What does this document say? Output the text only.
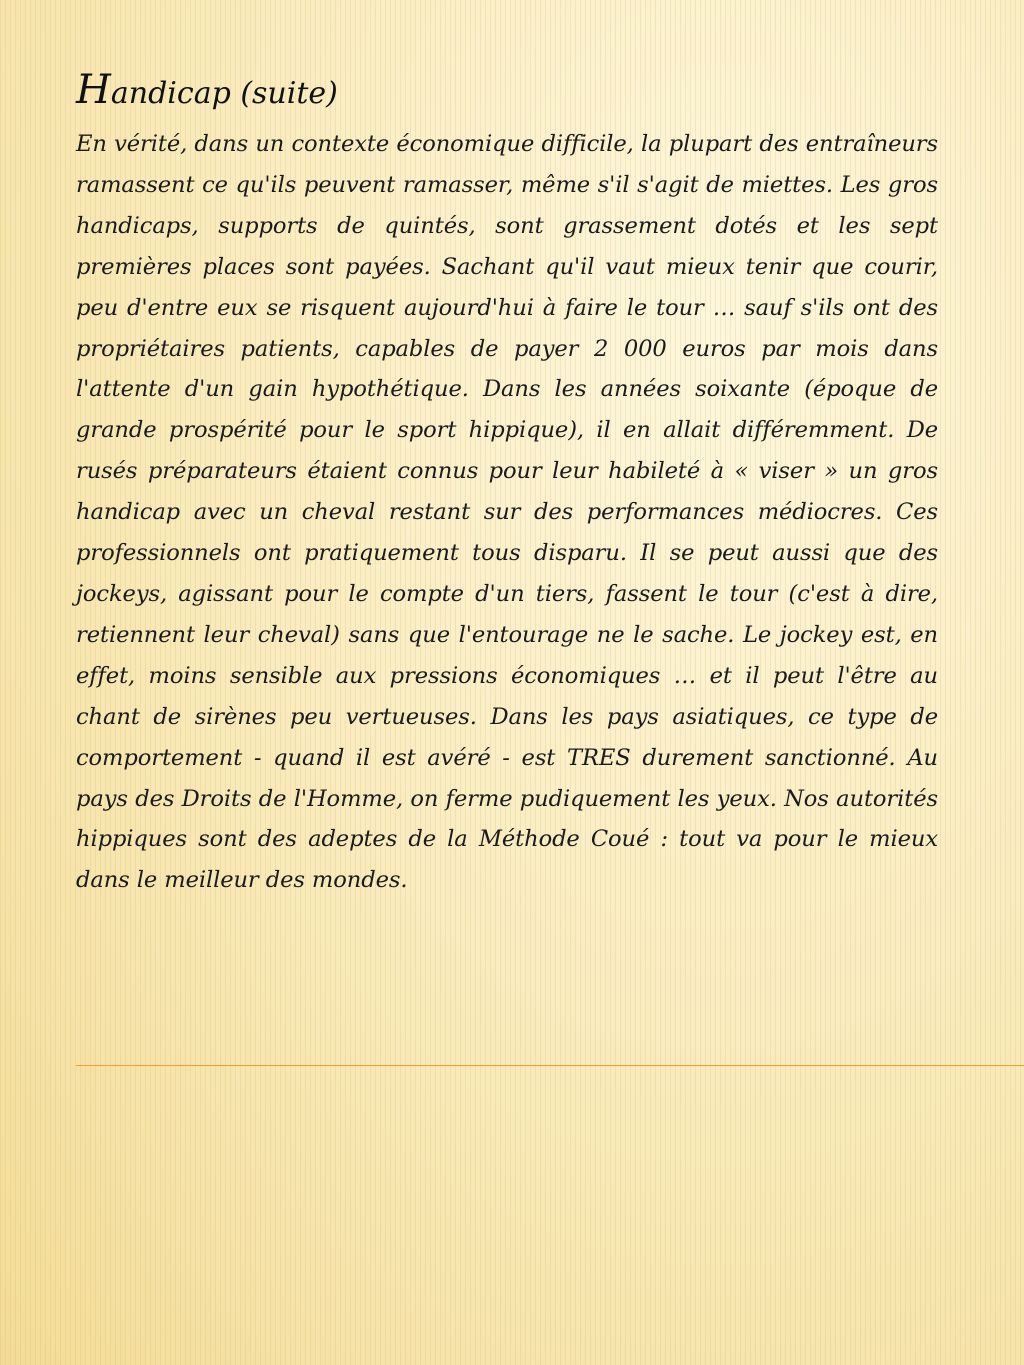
Handicap (suite)

En vérité, dans un contexte économique difficile, la plupart des entraîneurs ramassent ce qu'ils peuvent ramasser, même s'il s'agit de miettes. Les gros handicaps, supports de quintés, sont grassement dotés et les sept premières places sont payées. Sachant qu'il vaut mieux tenir que courir, peu d'entre eux se risquent aujourd'hui à faire le tour … sauf s'ils ont des propriétaires patients, capables de payer 2 000 euros par mois dans l'attente d'un gain hypothétique. Dans les années soixante (époque de grande prospérité pour le sport hippique), il en allait différemment. De rusés préparateurs étaient connus pour leur habileté à « viser » un gros handicap avec un cheval restant sur des performances médiocres. Ces professionnels ont pratiquement tous disparu. Il se peut aussi que des jockeys, agissant pour le compte d'un tiers, fassent le tour (c'est à dire, retiennent leur cheval) sans que l'entourage ne le sache. Le jockey est, en effet, moins sensible aux pressions économiques … et il peut l'être au chant de sirènes peu vertueuses. Dans les pays asiatiques, ce type de comportement - quand il est avéré - est TRES durement sanctionné. Au pays des Droits de l'Homme, on ferme pudiquement les yeux. Nos autorités hippiques sont des adeptes de la Méthode Coué : tout va pour le mieux dans le meilleur des mondes.
